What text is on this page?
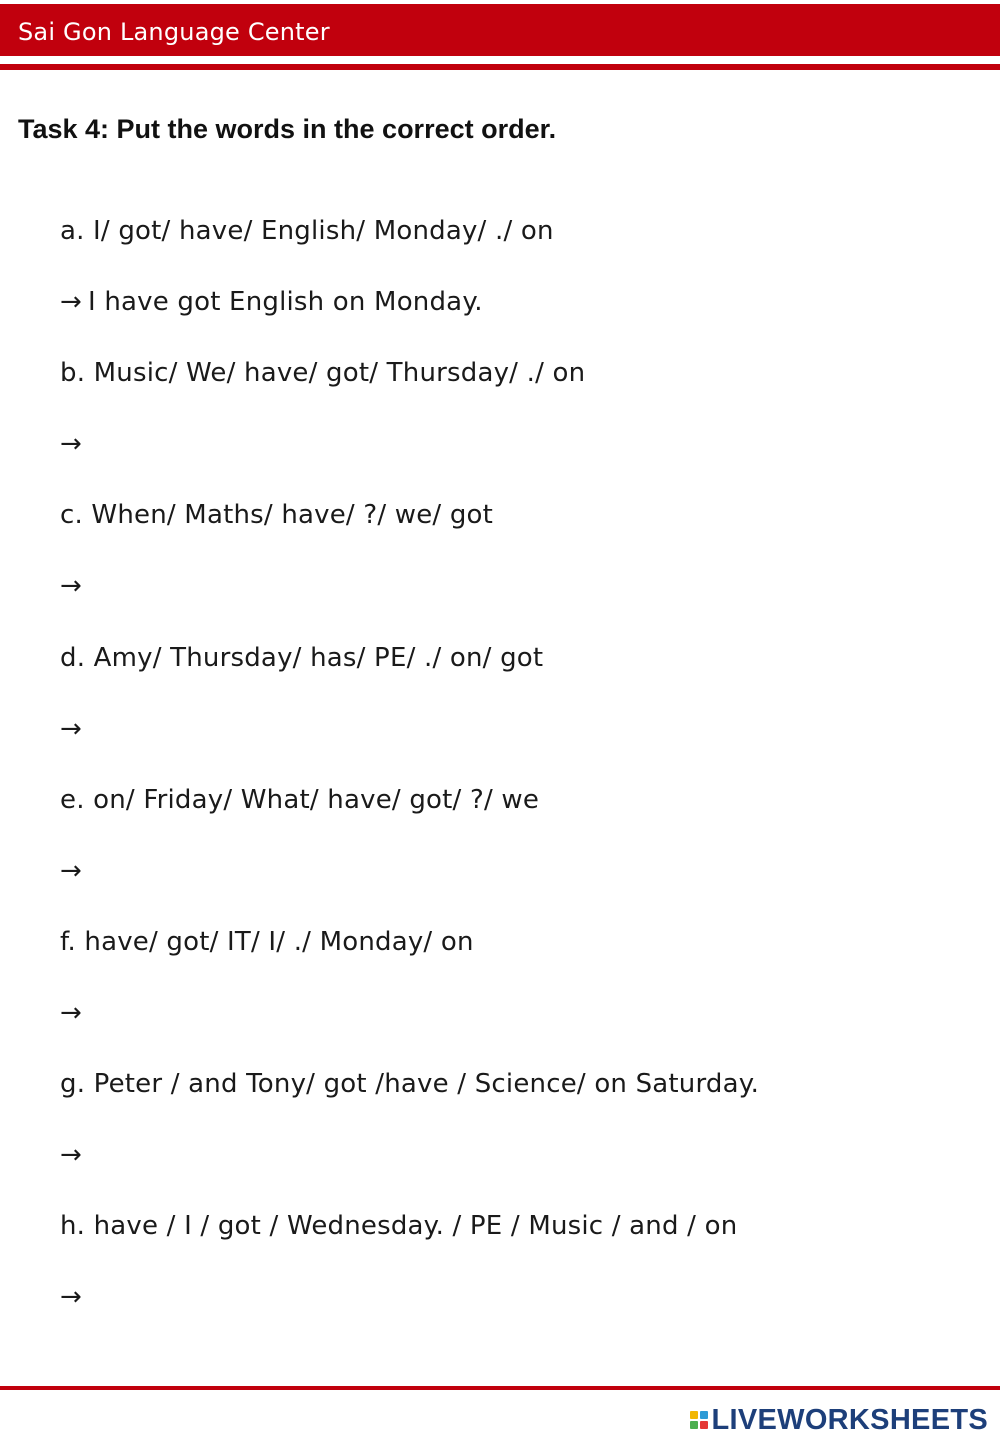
Sai Gon Language Center
Task 4: Put the words in the correct order.
a. I/ got/ have/ English/ Monday/ ./ on
→ I have got English on Monday.
b. Music/ We/ have/ got/ Thursday/ ./ on
→
c. When/ Maths/ have/ ?/ we/ got
→
d. Amy/ Thursday/ has/ PE/ ./ on/ got
→
e. on/ Friday/ What/ have/ got/ ?/ we
→
f. have/ got/ IT/ I/ ./ Monday/ on
→
g. Peter / and Tony/ got /have / Science/ on Saturday.
→
h. have / I / got / Wednesday. / PE / Music / and / on
→
LIVEWORKSHEETS
